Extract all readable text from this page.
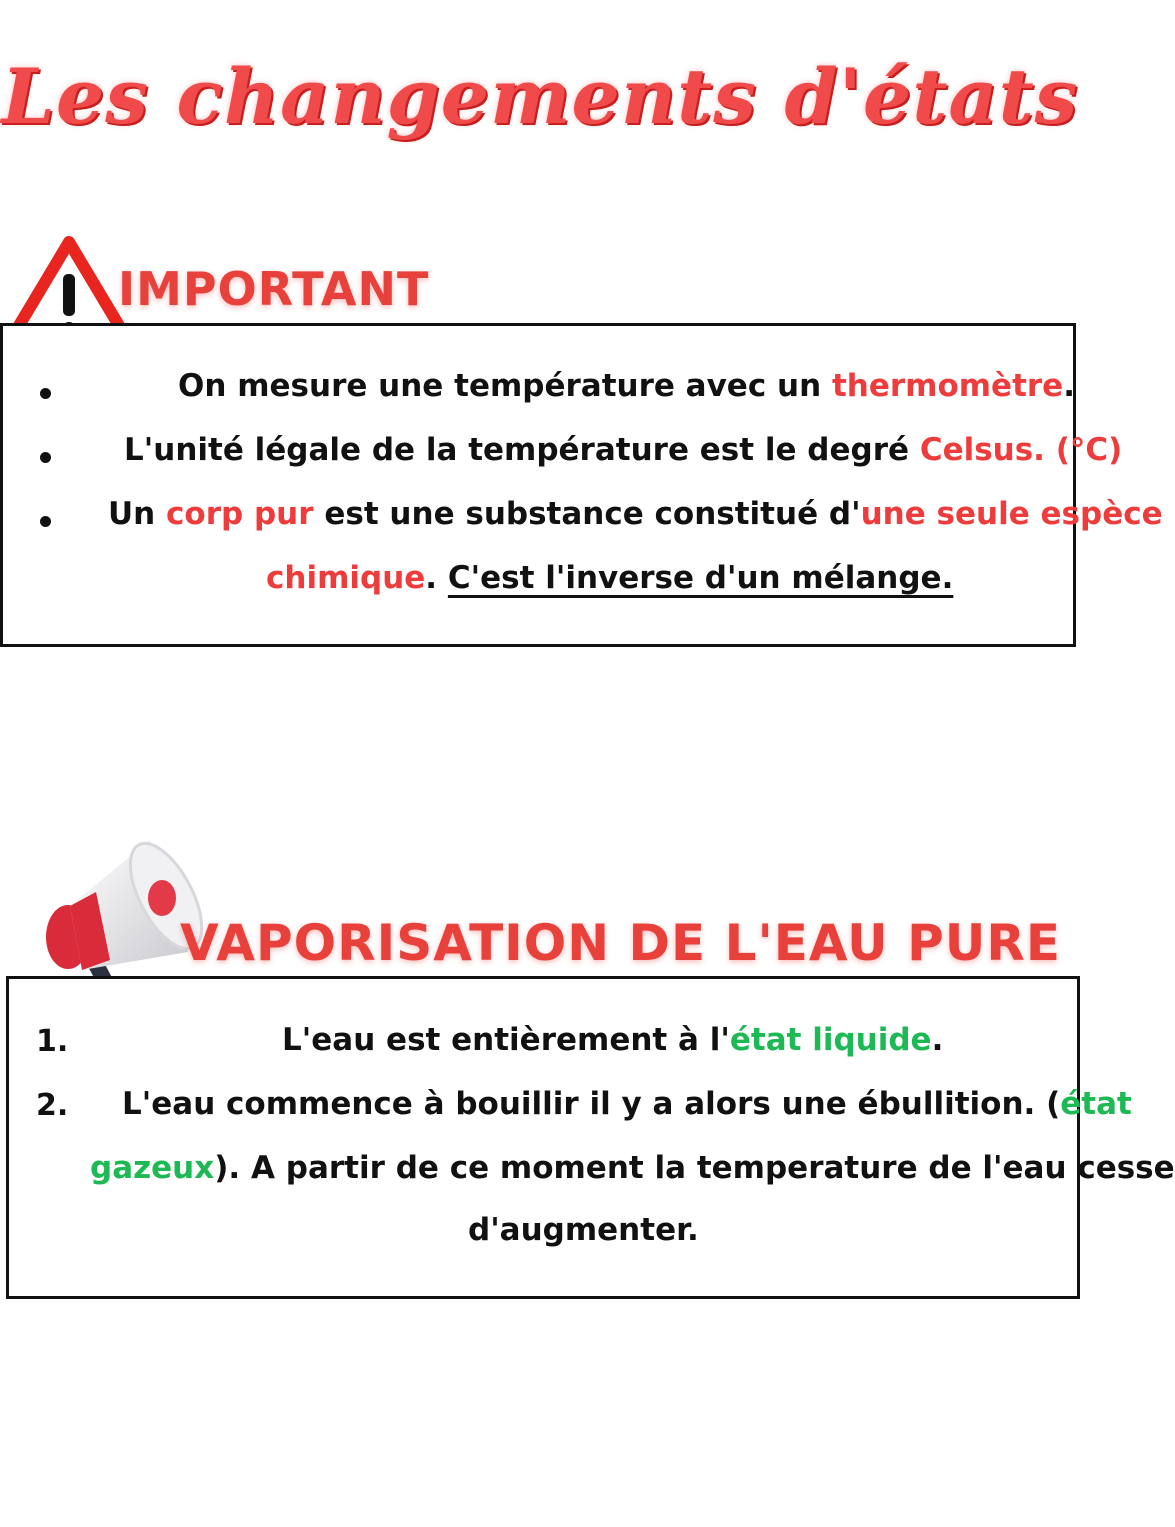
Les changements d'états
IMPORTANT
On mesure une température avec un thermomètre.
L'unité légale de la température est le degré Celsus. (°C)
Un corp pur est une substance constitué d'une seule espèce
chimique. C'est l'inverse d'un mélange.
VAPORISATION DE L'EAU PURE
1.	L'eau est entièrement à l'état liquide.
2. L'eau commence à bouillir il y a alors une ébullition. (état
gazeux). A partir de ce moment la temperature de l'eau cesse
d'augmenter.
